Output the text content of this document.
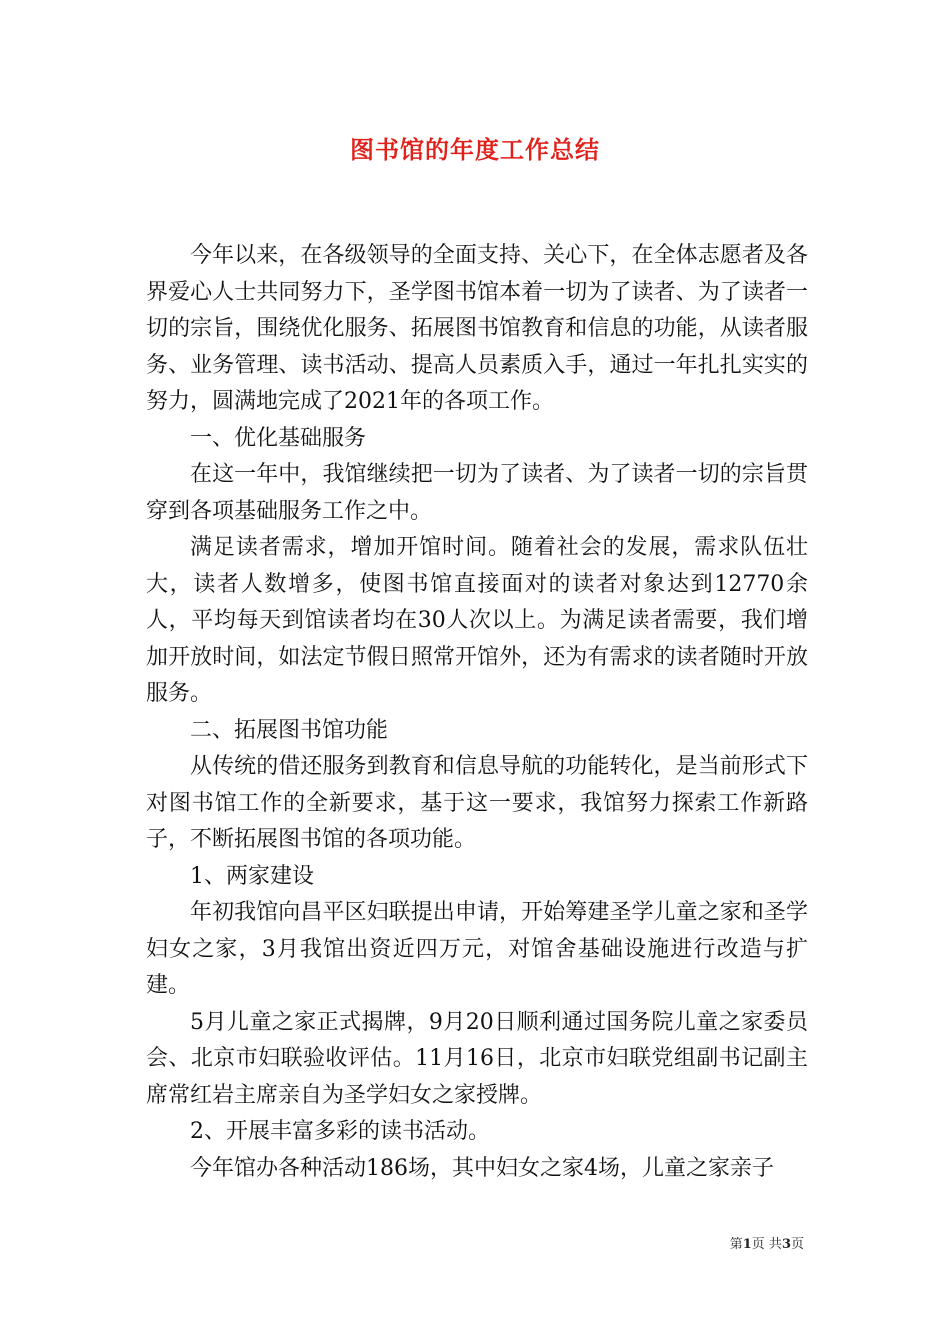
图书馆的年度工作总结

今年以来，在各级领导的全面支持、关心下，在全体志愿者及各界爱心人士共同努力下，圣学图书馆本着一切为了读者、为了读者一切的宗旨，围绕优化服务、拓展图书馆教育和信息的功能，从读者服务、业务管理、读书活动、提高人员素质入手，通过一年扎扎实实的努力，圆满地完成了2021年的各项工作。

一、优化基础服务

在这一年中，我馆继续把一切为了读者、为了读者一切的宗旨贯穿到各项基础服务工作之中。

满足读者需求，增加开馆时间。随着社会的发展，需求队伍壮大，读者人数增多，使图书馆直接面对的读者对象达到12770余人，平均每天到馆读者均在30人次以上。为满足读者需要，我们增加开放时间，如法定节假日照常开馆外，还为有需求的读者随时开放服务。

二、拓展图书馆功能

从传统的借还服务到教育和信息导航的功能转化，是当前形式下对图书馆工作的全新要求，基于这一要求，我馆努力探索工作新路子，不断拓展图书馆的各项功能。

1、两家建设

年初我馆向昌平区妇联提出申请，开始筹建圣学儿童之家和圣学妇女之家，3月我馆出资近四万元，对馆舍基础设施进行改造与扩建。

5月儿童之家正式揭牌，9月20日顺利通过国务院儿童之家委员会、北京市妇联验收评估。11月16日，北京市妇联党组副书记副主席常红岩主席亲自为圣学妇女之家授牌。

2、开展丰富多彩的读书活动。

今年馆办各种活动186场，其中妇女之家4场，儿童之家亲子

第1页 共3页
